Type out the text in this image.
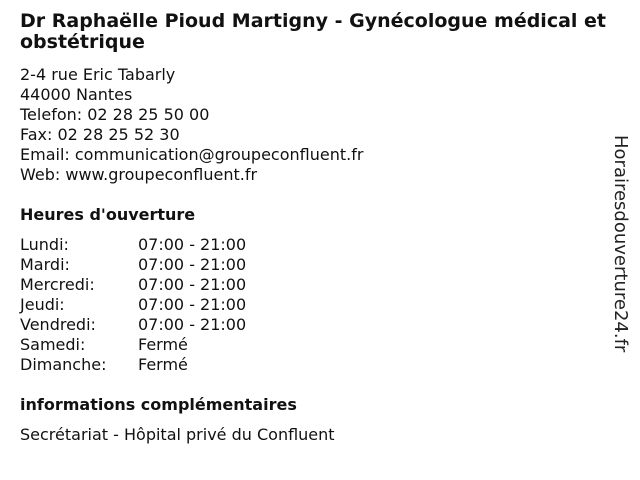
Dr Raphaëlle Pioud Martigny - Gynécologue médical et obstétrique
2-4 rue Eric Tabarly
44000 Nantes
Telefon: 02 28 25 50 00
Fax: 02 28 25 52 30
Email: communication@groupeconfluent.fr
Web: www.groupeconfluent.fr
Heures d'ouverture
Lundi:	07:00 - 21:00
Mardi:	07:00 - 21:00
Mercredi:	07:00 - 21:00
Jeudi:	07:00 - 21:00
Vendredi:	07:00 - 21:00
Samedi:	Fermé
Dimanche:	Fermé
informations complémentaires
Secrétariat - Hôpital privé du Confluent
Horairesdouverture24.fr
